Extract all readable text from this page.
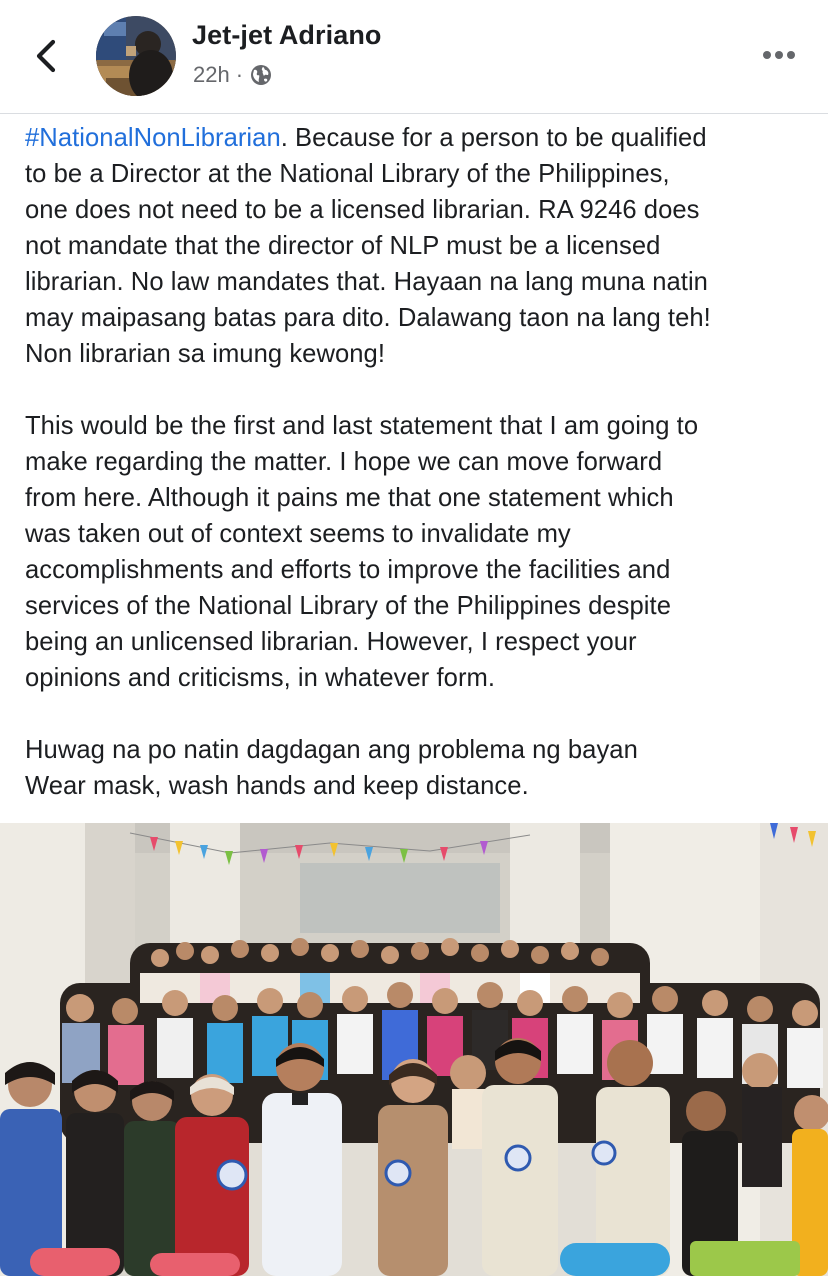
Jet-jet Adriano
22h ·

#NationalNonLibrarian. Because for a person to be qualified

to be a Director at the National Library of the Philippines,

one does not need to be a licensed librarian. RA 9246 does

not mandate that the director of NLP must be a licensed

librarian. No law mandates that. Hayaan na lang muna natin

may maipasang batas para dito. Dalawang taon na lang teh!

Non librarian sa imung kewong!

This would be the first and last statement that I am going to

make regarding the matter. I hope we can move forward

from here. Although it pains me that one statement which

was taken out of context seems to invalidate my

accomplishments and efforts to improve the facilities and

services of the National Library of the Philippines despite

being an unlicensed librarian. However, I respect your

opinions and criticisms, in whatever form.

Huwag na po natin dagdagan ang problema ng bayan

Wear mask, wash hands and keep distance.
